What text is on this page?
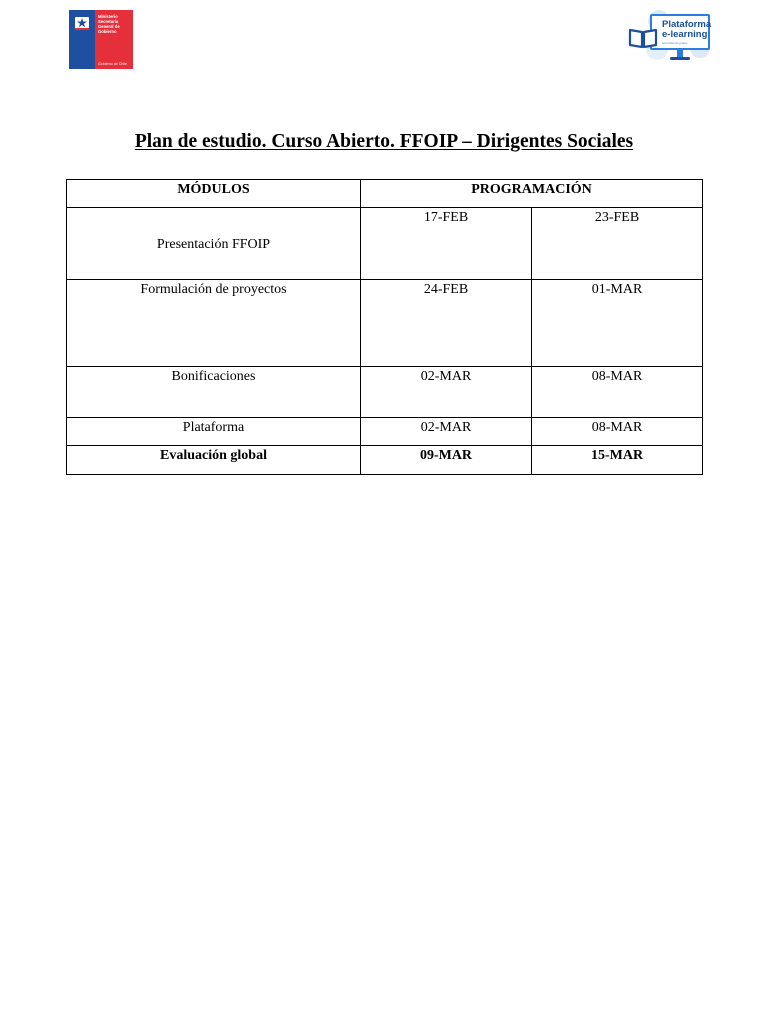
Ministerio
Secretaría
General de
Gobierno
Gobierno de Chile
Plataforma
e-learning
aprendiendo juntos
Plan de estudio. Curso Abierto. FFOIP – Dirigentes Sociales
MÓDULOS	PROGRAMACIÓN	
Presentación FFOIP	17-FEB	23-FEB
Formulación de proyectos	24-FEB	01-MAR
Bonificaciones	02-MAR	08-MAR
Plataforma	02-MAR	08-MAR
Evaluación global	09-MAR	15-MAR
